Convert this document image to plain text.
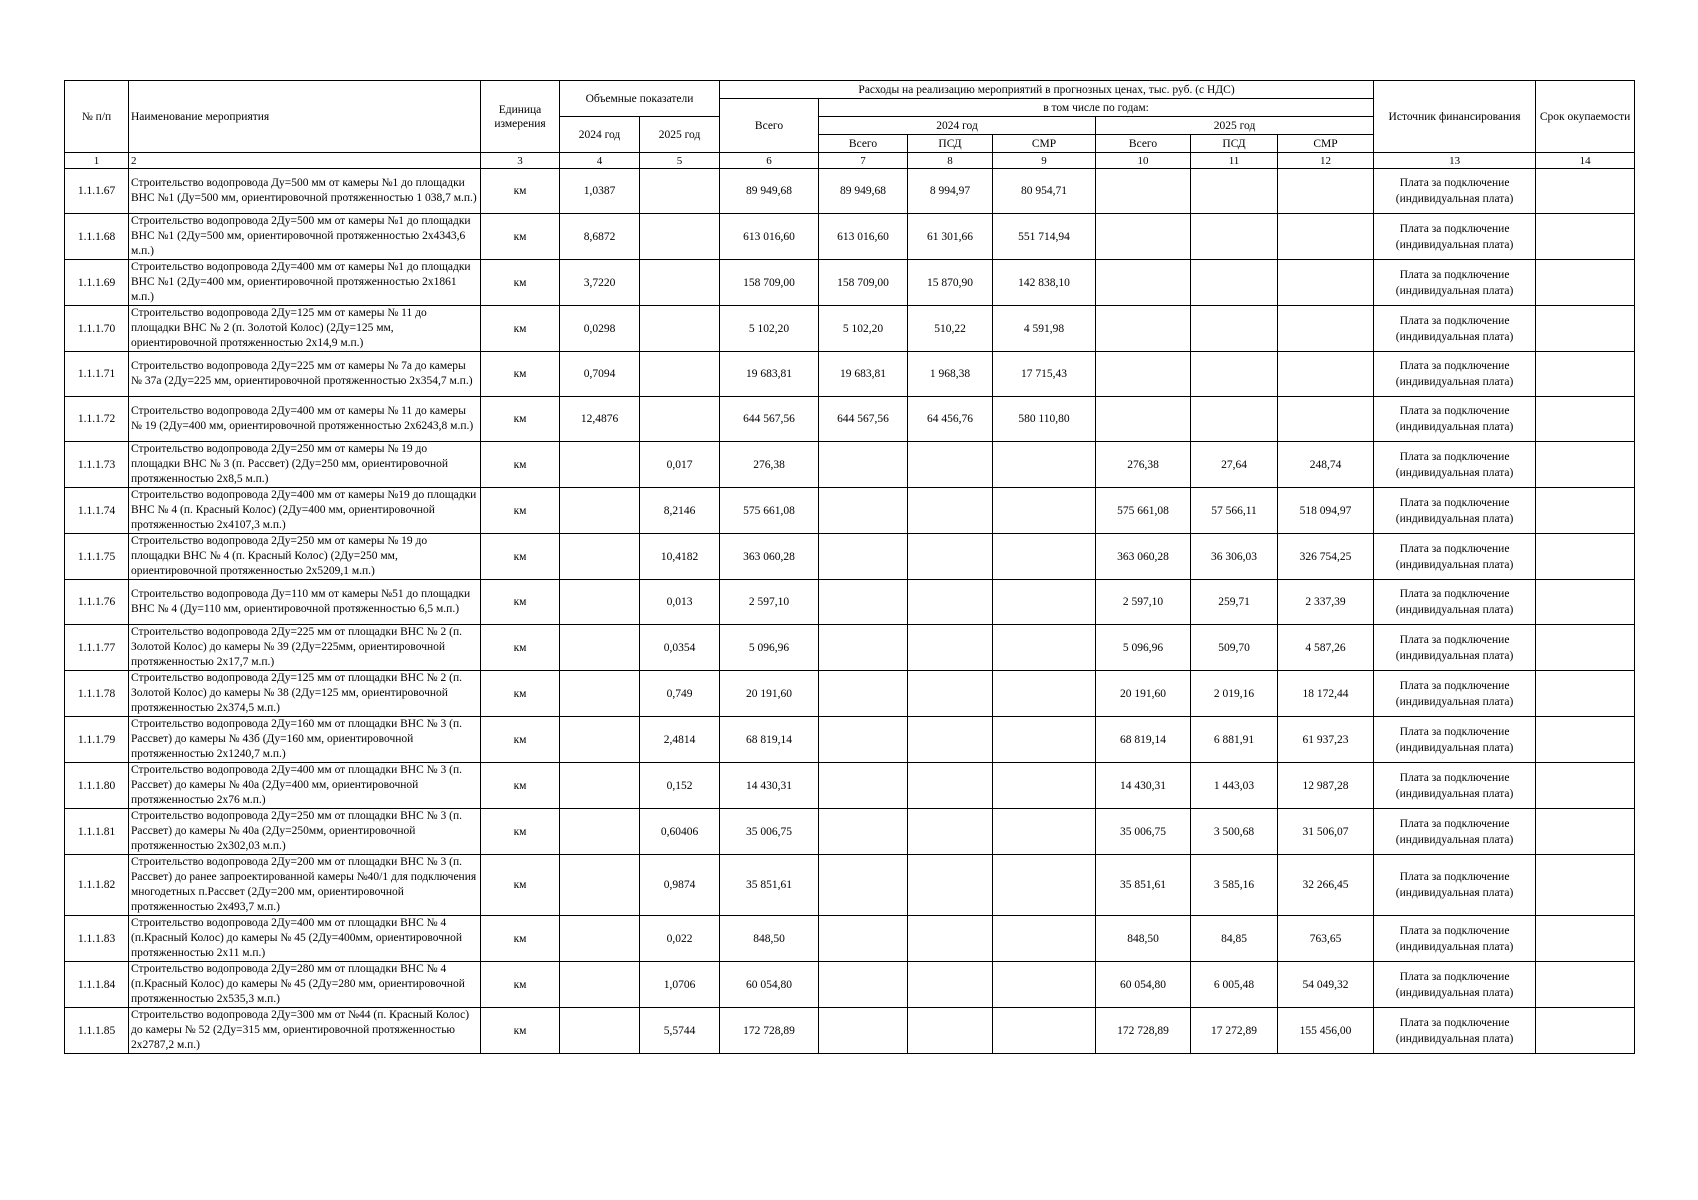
№ п/п	Наименование мероприятия	Единица измерения	Объемные показатели		Расходы на реализацию мероприятий в прогнозных ценах, тыс. руб. (с НДС)							Источник финансирования	Срок окупаемости
					Всего	в том числе по годам:							
			2024 год	2025 год		2024 год			2025 год				
						Всего	ПСД	СМР	Всего	ПСД	СМР		
1	2	3	4	5	6	7	8	9	10	11	12	13	14
1.1.1.67	Строительство водопровода Ду=500 мм от камеры №1 до площадки ВНС №1 (Ду=500 мм, ориентировочной протяженностью 1 038,7 м.п.)	км	1,0387		89 949,68	89 949,68	8 994,97	80 954,71				Плата за подключение (индивидуальная плата)	
1.1.1.68	Строительство водопровода 2Ду=500 мм от камеры №1 до площадки ВНС №1 (2Ду=500 мм, ориентировочной протяженностью 2х4343,6 м.п.)	км	8,6872		613 016,60	613 016,60	61 301,66	551 714,94				Плата за подключение (индивидуальная плата)	
1.1.1.69	Строительство водопровода 2Ду=400 мм от камеры №1 до площадки ВНС №1 (2Ду=400 мм, ориентировочной протяженностью 2х1861 м.п.)	км	3,7220		158 709,00	158 709,00	15 870,90	142 838,10				Плата за подключение (индивидуальная плата)	
1.1.1.70	Строительство водопровода 2Ду=125 мм от камеры № 11 до площадки ВНС № 2 (п. Золотой Колос) (2Ду=125 мм, ориентировочной протяженностью 2х14,9 м.п.)	км	0,0298		5 102,20	5 102,20	510,22	4 591,98				Плата за подключение (индивидуальная плата)	
1.1.1.71	Строительство водопровода 2Ду=225 мм от камеры № 7а до камеры № 37а (2Ду=225 мм, ориентировочной протяженностью 2х354,7 м.п.)	км	0,7094		19 683,81	19 683,81	1 968,38	17 715,43				Плата за подключение (индивидуальная плата)	
1.1.1.72	Строительство водопровода 2Ду=400 мм от камеры № 11 до камеры № 19 (2Ду=400 мм, ориентировочной протяженностью 2х6243,8 м.п.)	км	12,4876		644 567,56	644 567,56	64 456,76	580 110,80				Плата за подключение (индивидуальная плата)	
1.1.1.73	Строительство водопровода 2Ду=250 мм от камеры № 19 до площадки ВНС № 3 (п. Рассвет) (2Ду=250 мм, ориентировочной протяженностью 2х8,5 м.п.)	км		0,017	276,38				276,38	27,64	248,74	Плата за подключение (индивидуальная плата)	
1.1.1.74	Строительство водопровода 2Ду=400 мм от камеры №19 до площадки ВНС № 4 (п. Красный Колос) (2Ду=400 мм, ориентировочной протяженностью 2х4107,3 м.п.)	км		8,2146	575 661,08				575 661,08	57 566,11	518 094,97	Плата за подключение (индивидуальная плата)	
1.1.1.75	Строительство водопровода 2Ду=250 мм от камеры № 19 до площадки ВНС № 4 (п. Красный Колос) (2Ду=250 мм, ориентировочной протяженностью 2х5209,1 м.п.)	км		10,4182	363 060,28				363 060,28	36 306,03	326 754,25	Плата за подключение (индивидуальная плата)	
1.1.1.76	Строительство водопровода Ду=110 мм от камеры №51 до площадки ВНС № 4 (Ду=110 мм, ориентировочной протяженностью 6,5 м.п.)	км		0,013	2 597,10				2 597,10	259,71	2 337,39	Плата за подключение (индивидуальная плата)	
1.1.1.77	Строительство водопровода 2Ду=225 мм от площадки ВНС № 2 (п. Золотой Колос) до камеры № 39 (2Ду=225мм, ориентировочной протяженностью 2х17,7 м.п.)	км		0,0354	5 096,96				5 096,96	509,70	4 587,26	Плата за подключение (индивидуальная плата)	
1.1.1.78	Строительство водопровода 2Ду=125 мм от площадки ВНС № 2 (п. Золотой Колос) до камеры № 38 (2Ду=125 мм, ориентировочной протяженностью 2х374,5 м.п.)	км		0,749	20 191,60				20 191,60	2 019,16	18 172,44	Плата за подключение (индивидуальная плата)	
1.1.1.79	Строительство водопровода 2Ду=160 мм от площадки ВНС № 3 (п. Рассвет) до камеры № 43б (Ду=160 мм, ориентировочной протяженностью 2х1240,7 м.п.)	км		2,4814	68 819,14				68 819,14	6 881,91	61 937,23	Плата за подключение (индивидуальная плата)	
1.1.1.80	Строительство водопровода 2Ду=400 мм от площадки ВНС № 3 (п. Рассвет) до камеры № 40а (2Ду=400 мм, ориентировочной протяженностью 2х76 м.п.)	км		0,152	14 430,31				14 430,31	1 443,03	12 987,28	Плата за подключение (индивидуальная плата)	
1.1.1.81	Строительство водопровода 2Ду=250 мм от площадки ВНС № 3 (п. Рассвет) до камеры № 40а (2Ду=250мм, ориентировочной протяженностью 2х302,03 м.п.)	км		0,60406	35 006,75				35 006,75	3 500,68	31 506,07	Плата за подключение (индивидуальная плата)	
1.1.1.82	Строительство водопровода 2Ду=200 мм от площадки ВНС № 3 (п. Рассвет) до ранее запроектированной камеры №40/1 для подключения многодетных п.Рассвет (2Ду=200 мм, ориентировочной протяженностью 2х493,7 м.п.)	км		0,9874	35 851,61				35 851,61	3 585,16	32 266,45	Плата за подключение (индивидуальная плата)	
1.1.1.83	Строительство водопровода 2Ду=400 мм от площадки ВНС № 4 (п.Красный Колос) до камеры № 45 (2Ду=400мм, ориентировочной протяженностью 2х11 м.п.)	км		0,022	848,50				848,50	84,85	763,65	Плата за подключение (индивидуальная плата)	
1.1.1.84	Строительство водопровода 2Ду=280 мм от площадки ВНС № 4 (п.Красный Колос) до камеры № 45 (2Ду=280 мм, ориентировочной протяженностью 2х535,3 м.п.)	км		1,0706	60 054,80				60 054,80	6 005,48	54 049,32	Плата за подключение (индивидуальная плата)	
1.1.1.85	Строительство водопровода 2Ду=300 мм от №44 (п. Красный Колос) до камеры № 52 (2Ду=315 мм, ориентировочной протяженностью 2х2787,2 м.п.)	км		5,5744	172 728,89				172 728,89	17 272,89	155 456,00	Плата за подключение (индивидуальная плата)	
